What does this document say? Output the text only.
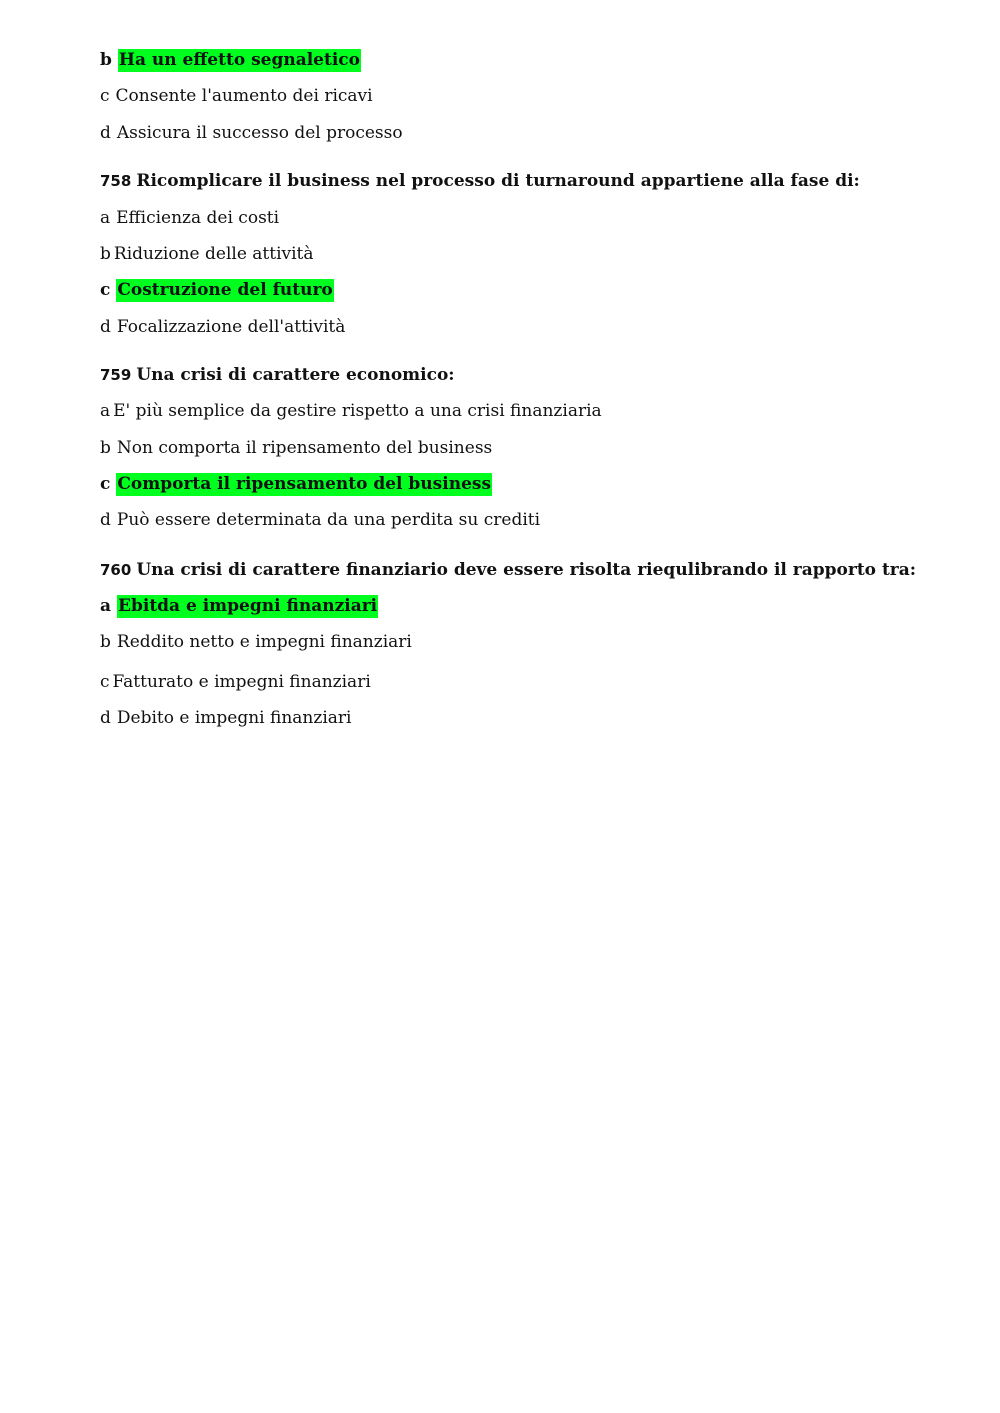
b Ha un effetto segnaletico
c Consente l'aumento dei ricavi
d Assicura il successo del processo
758 Ricomplicare il business nel processo di turnaround appartiene alla fase di:
a Efficienza dei costi
b Riduzione delle attività
c Costruzione del futuro
d Focalizzazione dell'attività
759 Una crisi di carattere economico:
a E' più semplice da gestire rispetto a una crisi finanziaria
b Non comporta il ripensamento del business
c Comporta il ripensamento del business
d Può essere determinata da una perdita su crediti
760 Una crisi di carattere finanziario deve essere risolta riequlibrando il rapporto tra:
a Ebitda e impegni finanziari
b Reddito netto e impegni finanziari
c Fatturato e impegni finanziari
d Debito e impegni finanziari
